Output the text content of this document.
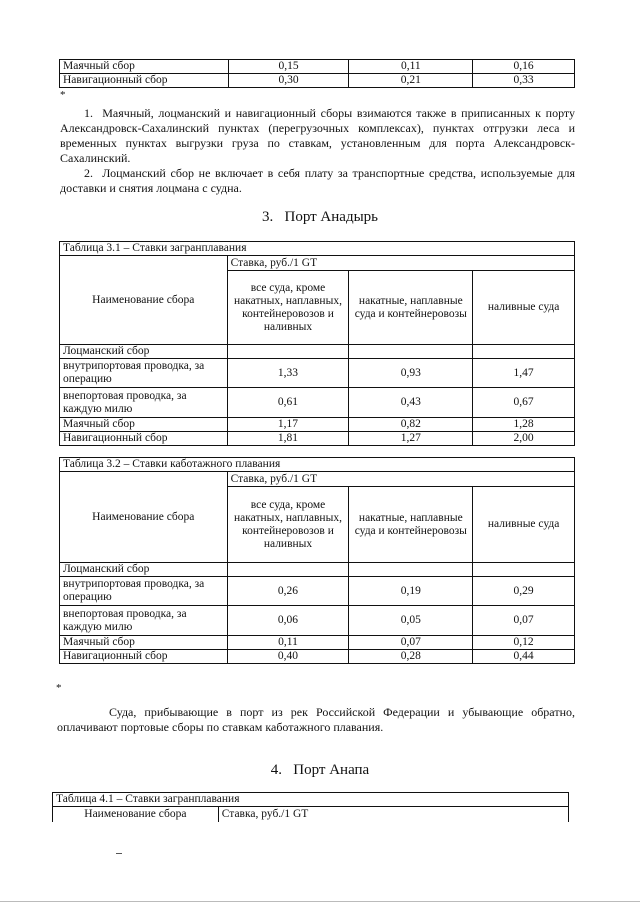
Маячный сбор	0,15	0,11	0,16
Навигационный сбор	0,30	0,21	0,33
*
1.  Маячный, лоцманский и навигационный сборы взимаются также в приписанных к порту Александровск-Сахалинский пунктах (перегрузочных комплексах), пунктах отгрузки леса и временных пунктах выгрузки груза по ставкам, установленным для порта Александровск-Сахалинский.
2.  Лоцманский сбор не включает в себя плату за транспортные средства, используемые для доставки и снятия лоцмана с судна.
3.   Порт Анадырь
Таблица 3.1 – Ставки загранплавания			
Наименование сбора	Ставка, руб./1 GT		
	все суда, кроме накатных, наплавных, контейнеровозов и наливных	накатные, наплавные суда и контейнеровозы	наливные суда
Лоцманский сбор			
внутрипортовая проводка, за операцию	1,33	0,93	1,47
внепортовая проводка, за каждую милю	0,61	0,43	0,67
Маячный сбор	1,17	0,82	1,28
Навигационный сбор	1,81	1,27	2,00
Таблица 3.2 – Ставки каботажного плавания			
Наименование сбора	Ставка, руб./1 GT		
	все суда, кроме накатных, наплавных, контейнеровозов и наливных	накатные, наплавные суда и контейнеровозы	наливные суда
Лоцманский сбор			
внутрипортовая проводка, за операцию	0,26	0,19	0,29
внепортовая проводка, за каждую милю	0,06	0,05	0,07
Маячный сбор	0,11	0,07	0,12
Навигационный сбор	0,40	0,28	0,44
*
Суда, прибывающие в порт из рек Российской Федерации и убывающие обратно, оплачивают портовые сборы по ставкам каботажного плавания.
4.   Порт Анапа
Таблица 4.1 – Ставки загранплавания
Наименование сбора	Ставка, руб./1 GT
